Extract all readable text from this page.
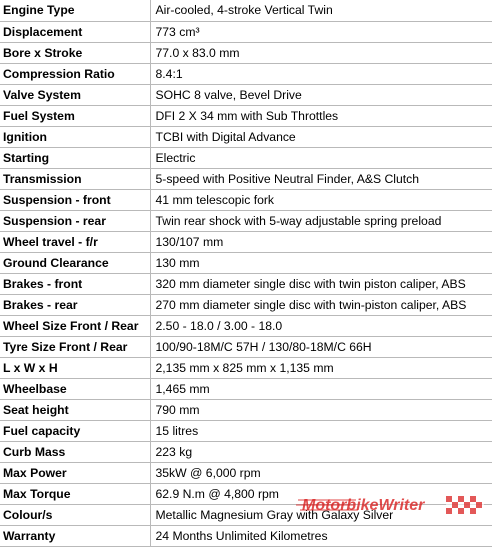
Engine Type	Air-cooled, 4-stroke Vertical Twin
Displacement	773 cm³
Bore x Stroke	77.0 x 83.0 mm
Compression Ratio	8.4:1
Valve System	SOHC 8 valve, Bevel Drive
Fuel System	DFI 2 X 34 mm with Sub Throttles
Ignition	TCBI with Digital Advance
Starting	Electric
Transmission	5-speed with Positive Neutral Finder, A&S Clutch
Suspension - front	41 mm telescopic fork
Suspension - rear	Twin rear shock with 5-way adjustable spring preload
Wheel travel - f/r	130/107 mm
Ground Clearance	130 mm
Brakes - front	320 mm diameter single disc with twin piston caliper, ABS
Brakes - rear	270 mm diameter single disc with twin-piston caliper, ABS
Wheel Size Front / Rear	2.50 - 18.0 / 3.00 - 18.0
Tyre Size Front / Rear	100/90-18M/C 57H / 130/80-18M/C 66H
L x W x H	2,135 mm x 825 mm x 1,135 mm
Wheelbase	1,465 mm
Seat height	790 mm
Fuel capacity	15 litres
Curb Mass	223 kg
Max Power	35kW @ 6,000 rpm
Max Torque	62.9 N.m @ 4,800 rpm
Colour/s	Metallic Magnesium Gray with Galaxy Silver
Warranty	24 Months Unlimited Kilometres
MotorbikeWriter
